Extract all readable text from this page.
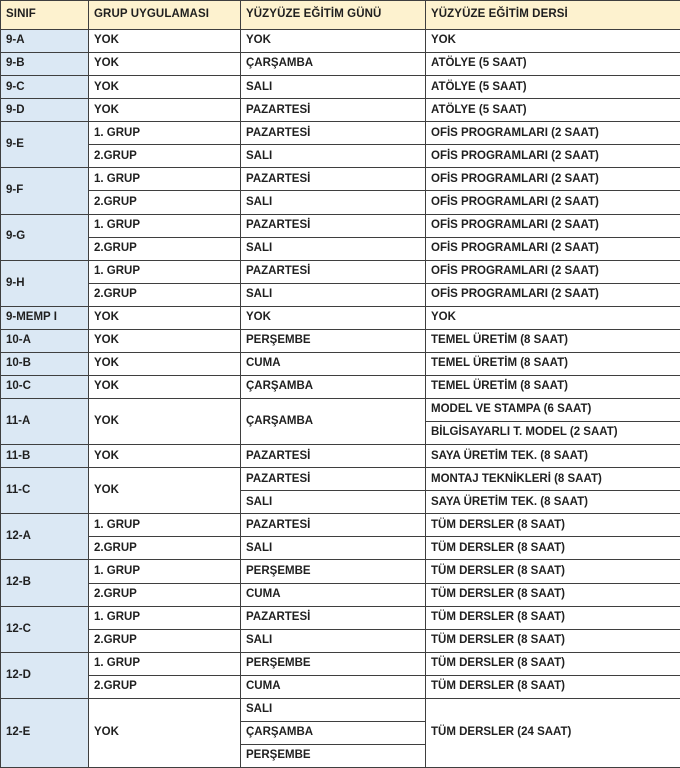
SINIF	GRUP UYGULAMASI	YÜZYÜZE EĞİTİM GÜNÜ	YÜZYÜZE EĞİTİM DERSİ
9-A	YOK	YOK	YOK
9-B	YOK	ÇARŞAMBA	ATÖLYE (5 SAAT)
9-C	YOK	SALI	ATÖLYE (5 SAAT)
9-D	YOK	PAZARTESİ	ATÖLYE (5 SAAT)
9-E	1. GRUP	PAZARTESİ	OFİS PROGRAMLARI (2 SAAT)
	2.GRUP	SALI	OFİS PROGRAMLARI (2 SAAT)
9-F	1. GRUP	PAZARTESİ	OFİS PROGRAMLARI (2 SAAT)
	2.GRUP	SALI	OFİS PROGRAMLARI (2 SAAT)
9-G	1. GRUP	PAZARTESİ	OFİS PROGRAMLARI (2 SAAT)
	2.GRUP	SALI	OFİS PROGRAMLARI (2 SAAT)
9-H	1. GRUP	PAZARTESİ	OFİS PROGRAMLARI (2 SAAT)
	2.GRUP	SALI	OFİS PROGRAMLARI (2 SAAT)
9-MEMP I	YOK	YOK	YOK
10-A	YOK	PERŞEMBE	TEMEL ÜRETİM (8 SAAT)
10-B	YOK	CUMA	TEMEL ÜRETİM (8 SAAT)
10-C	YOK	ÇARŞAMBA	TEMEL ÜRETİM (8 SAAT)
11-A	YOK	ÇARŞAMBA	MODEL VE STAMPA (6 SAAT)
			BİLGİSAYARLI T. MODEL (2 SAAT)
11-B	YOK	PAZARTESİ	SAYA ÜRETİM TEK. (8 SAAT)
11-C	YOK	PAZARTESİ	MONTAJ TEKNİKLERİ (8 SAAT)
		SALI	SAYA ÜRETİM TEK. (8 SAAT)
12-A	1. GRUP	PAZARTESİ	TÜM DERSLER (8 SAAT)
	2.GRUP	SALI	TÜM DERSLER (8 SAAT)
12-B	1. GRUP	PERŞEMBE	TÜM DERSLER (8 SAAT)
	2.GRUP	CUMA	TÜM DERSLER (8 SAAT)
12-C	1. GRUP	PAZARTESİ	TÜM DERSLER (8 SAAT)
	2.GRUP	SALI	TÜM DERSLER (8 SAAT)
12-D	1. GRUP	PERŞEMBE	TÜM DERSLER (8 SAAT)
	2.GRUP	CUMA	TÜM DERSLER (8 SAAT)
12-E	YOK	SALI	TÜM DERSLER (24 SAAT)
		ÇARŞAMBA	
		PERŞEMBE	
